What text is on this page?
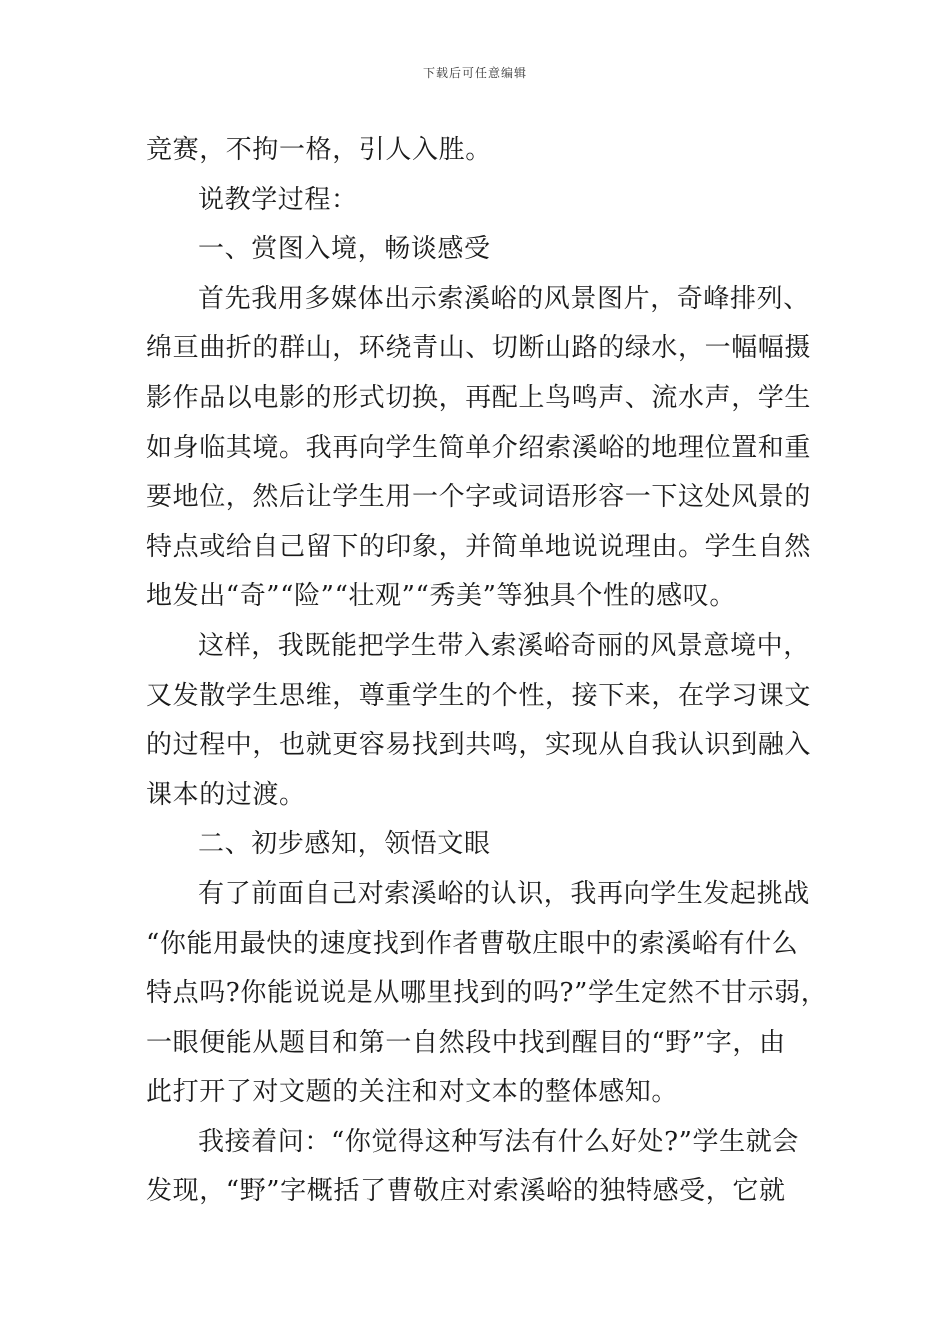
下载后可任意编辑
竞赛，不拘一格，引人入胜。
说教学过程：
一、赏图入境，畅谈感受
首先我用多媒体出示索溪峪的风景图片，奇峰排列、
绵亘曲折的群山，环绕青山、切断山路的绿水，一幅幅摄
影作品以电影的形式切换，再配上鸟鸣声、流水声，学生
如身临其境。我再向学生简单介绍索溪峪的地理位置和重
要地位，然后让学生用一个字或词语形容一下这处风景的
特点或给自己留下的印象，并简单地说说理由。学生自然
地发出“奇”“险”“壮观”“秀美”等独具个性的感叹。
这样，我既能把学生带入索溪峪奇丽的风景意境中，
又发散学生思维，尊重学生的个性，接下来，在学习课文
的过程中，也就更容易找到共鸣，实现从自我认识到融入
课本的过渡。
二、初步感知，领悟文眼
有了前面自己对索溪峪的认识，我再向学生发起挑战
“你能用最快的速度找到作者曹敬庄眼中的索溪峪有什么
特点吗?你能说说是从哪里找到的吗?”学生定然不甘示弱，
一眼便能从题目和第一自然段中找到醒目的“野”字，由
此打开了对文题的关注和对文本的整体感知。
我接着问：“你觉得这种写法有什么好处?”学生就会
发现，“野”字概括了曹敬庄对索溪峪的独特感受，它就
